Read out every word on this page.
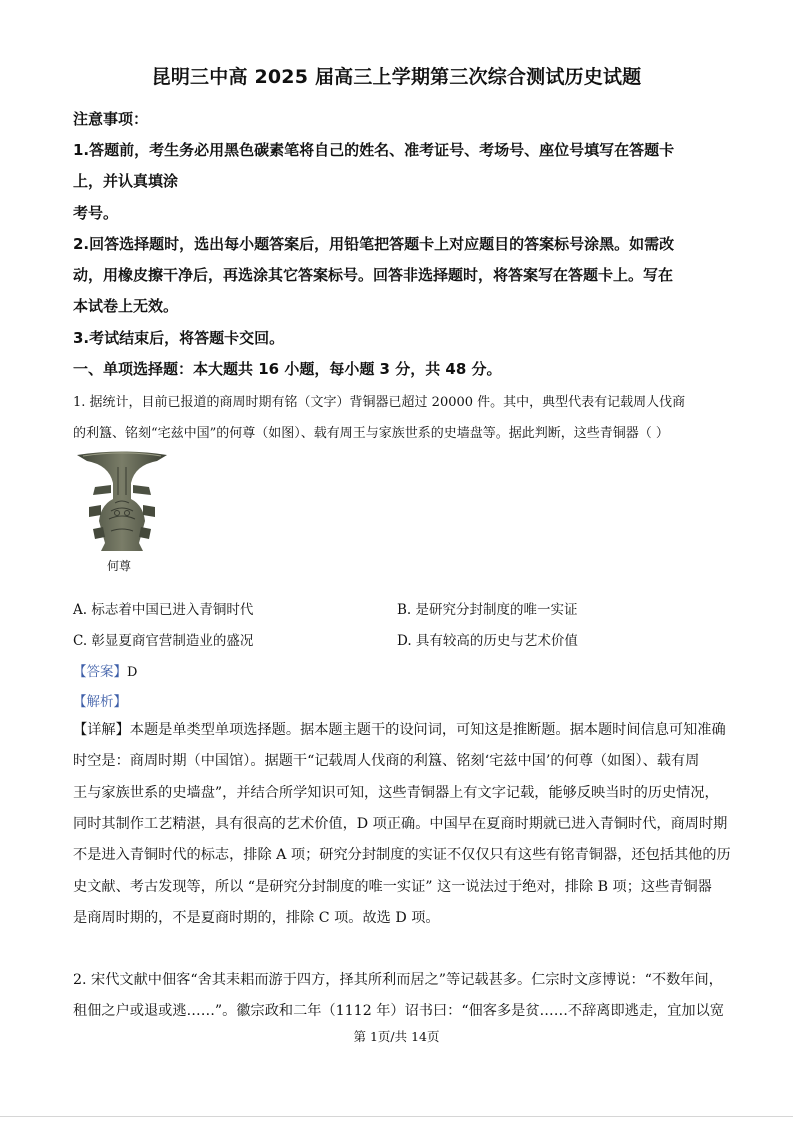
昆明三中高 2025 届高三上学期第三次综合测试历史试题
注意事项：
1.答题前，考生务必用黑色碳素笔将自己的姓名、准考证号、考场号、座位号填写在答题卡
上，并认真填涂
考号。
2.回答选择题时，选出每小题答案后，用铅笔把答题卡上对应题目的答案标号涂黑。如需改
动，用橡皮擦干净后，再选涂其它答案标号。回答非选择题时，将答案写在答题卡上。写在
本试卷上无效。
3.考试结束后，将答题卡交回。
一、单项选择题：本大题共 16 小题，每小题 3 分，共 48 分。
1. 据统计，目前已报道的商周时期有铭（文字）背铜器已超过 20000 件。其中，典型代表有记载周人伐商
的利簋、铭刻“宅兹中国”的何尊（如图）、载有周王与家族世系的史墙盘等。据此判断，这些青铜器（ ）
何尊
A. 标志着中国已进入青铜时代	B. 是研究分封制度的唯一实证
C. 彰显夏商官营制造业的盛况	D. 具有较高的历史与艺术价值
【答案】D
【解析】
【详解】本题是单类型单项选择题。据本题主题干的设问词，可知这是推断题。据本题时间信息可知准确
时空是：商周时期（中国馆）。据题干“记载周人伐商的利簋、铭刻‘宅兹中国’的何尊（如图）、载有周
王与家族世系的史墙盘”，并结合所学知识可知，这些青铜器上有文字记载，能够反映当时的历史情况，
同时其制作工艺精湛，具有很高的艺术价值，D 项正确。中国早在夏商时期就已进入青铜时代，商周时期
不是进入青铜时代的标志，排除 A 项；研究分封制度的实证不仅仅只有这些有铭青铜器，还包括其他的历
史文献、考古发现等，所以 “是研究分封制度的唯一实证” 这一说法过于绝对，排除 B 项；这些青铜器
是商周时期的，不是夏商时期的，排除 C 项。故选 D 项。
2. 宋代文献中佃客“舍其耒耜而游于四方，择其所利而居之”等记载甚多。仁宗时文彦博说：“不数年间，
租佃之户或退或逃……”。徽宗政和二年（1112 年）诏书曰：“佃客多是贫……不辞离即逃走，宜加以宽
第 1页/共 14页
